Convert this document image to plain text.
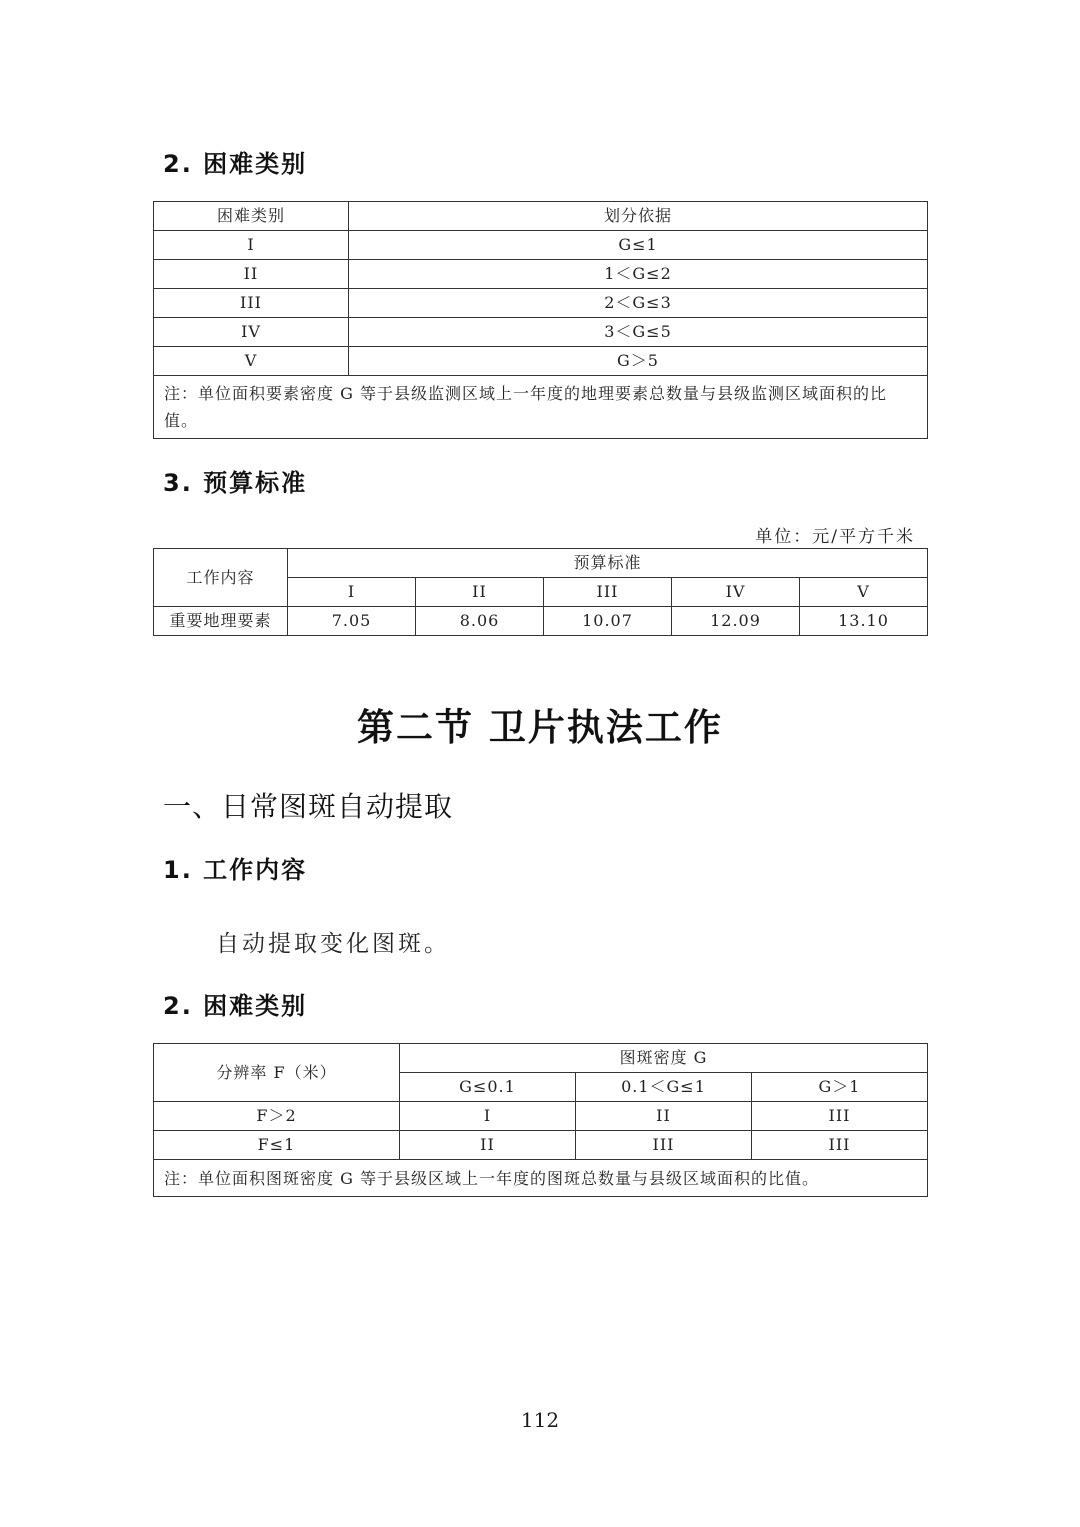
2. 困难类别
困难类别	划分依据
I	G≤1
II	1＜G≤2
III	2＜G≤3
IV	3＜G≤5
V	G＞5
注：单位面积要素密度 G 等于县级监测区域上一年度的地理要素总数量与县级监测区域面积的比值。	
3. 预算标准
单位：元/平方千米
工作内容	预算标准				
	I	II	III	IV	V
重要地理要素	7.05	8.06	10.07	12.09	13.10
第二节 卫片执法工作
一、日常图斑自动提取
1. 工作内容
自动提取变化图斑。
2. 困难类别
分辨率 F（米）	图斑密度 G		
	G≤0.1	0.1＜G≤1	G＞1
F＞2	I	II	III
F≤1	II	III	III
注：单位面积图斑密度 G 等于县级区域上一年度的图斑总数量与县级区域面积的比值。			
112
